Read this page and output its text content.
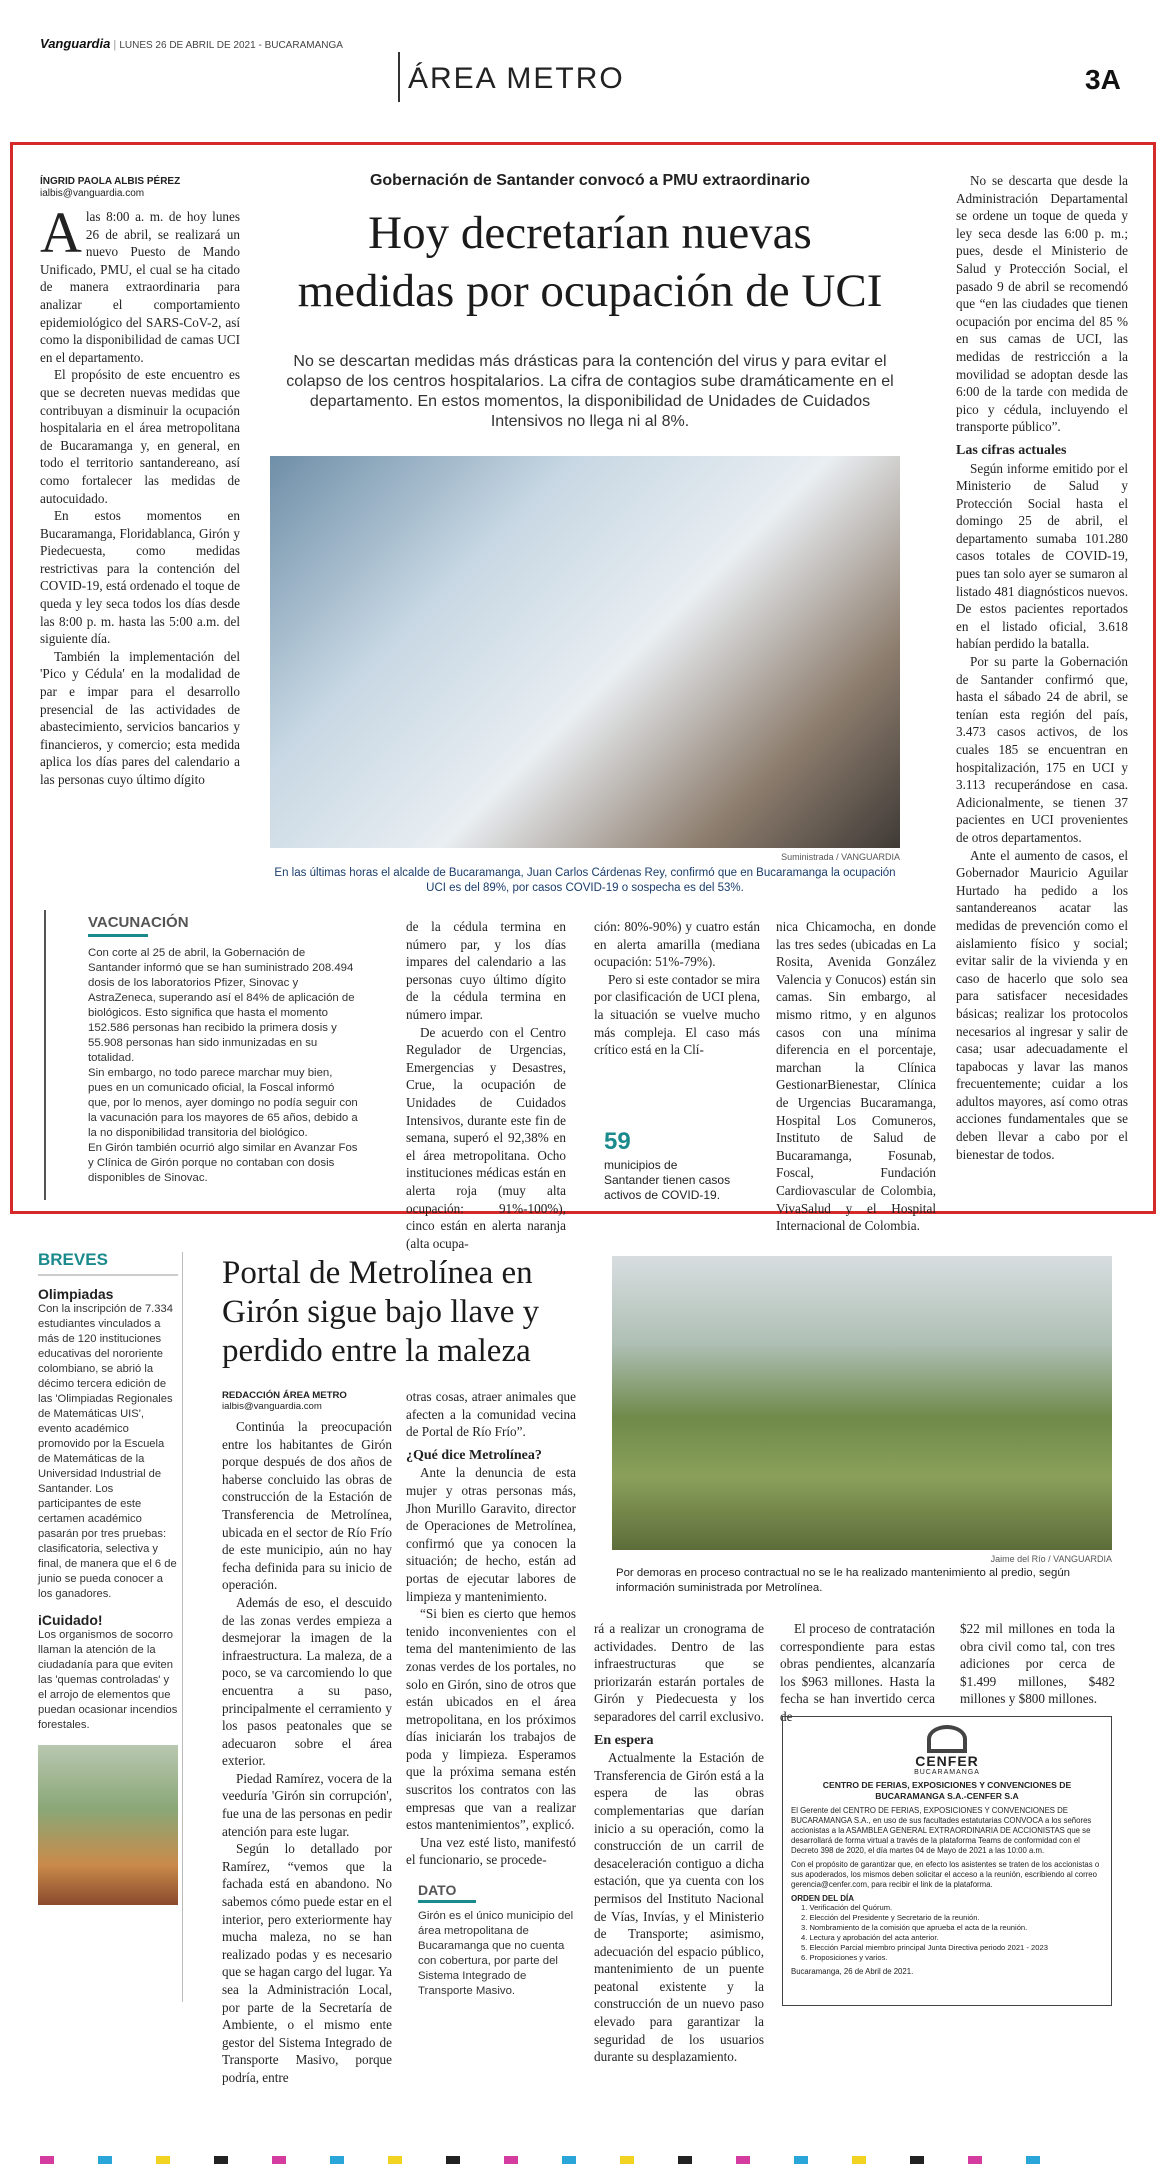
Vanguardia | LUNES 26 DE ABRIL DE 2021 - BUCARAMANGA
ÁREA METRO	3A
ÍNGRID PAOLA ALBIS PÉREZ
ialbis@vanguardia.com

A las 8:00 a. m. de hoy lunes 26 de abril, se realizará un nuevo Puesto de Mando Unificado, PMU, el cual se ha citado de manera extraordinaria para analizar el comportamiento epidemiológico del SARS-CoV-2, así como la disponibilidad de camas UCI en el departamento.

El propósito de este encuentro es que se decreten nuevas medidas que contribuyan a disminuir la ocupación hospitalaria en el área metropolitana de Bucaramanga y, en general, en todo el territorio santandereano, así como fortalecer las medidas de autocuidado.

En estos momentos en Bucaramanga, Floridablanca, Girón y Piedecuesta, como medidas restrictivas para la contención del COVID-19, está ordenado el toque de queda y ley seca todos los días desde las 8:00 p. m. hasta las 5:00 a.m. del siguiente día.

También la implementación del 'Pico y Cédula' en la modalidad de par e impar para el desarrollo presencial de las actividades de abastecimiento, servicios bancarios y financieros, y comercio; esta medida aplica los días pares del calendario a las personas cuyo último dígito

Gobernación de Santander convocó a PMU extraordinario
Hoy decretarían nuevas
medidas por ocupación de UCI
No se descartan medidas más drásticas para la contención del virus y para evitar el colapso de los centros hospitalarios. La cifra de contagios sube dramáticamente en el departamento. En estos momentos, la disponibilidad de Unidades de Cuidados Intensivos no llega ni al 8%.
Suministrada / VANGUARDIA
En las últimas horas el alcalde de Bucaramanga, Juan Carlos Cárdenas Rey, confirmó que en Bucaramanga la ocupación UCI es del 89%, por casos COVID-19 o sospecha es del 53%.
VACUNACIÓN
Con corte al 25 de abril, la Gobernación de Santander informó que se han suministrado 208.494 dosis de los laboratorios Pfizer, Sinovac y AstraZeneca, superando así el 84% de aplicación de biológicos. Esto significa que hasta el momento 152.586 personas han recibido la primera dosis y 55.908 personas han sido inmunizadas en su totalidad.
Sin embargo, no todo parece marchar muy bien, pues en un comunicado oficial, la Foscal informó que, por lo menos, ayer domingo no podía seguir con la vacunación para los mayores de 65 años, debido a la no disponibilidad transitoria del biológico.
En Girón también ocurrió algo similar en Avanzar Fos y Clínica de Girón porque no contaban con dosis disponibles de Sinovac.

de la cédula termina en número par, y los días impares del calendario a las personas cuyo último dígito de la cédula termina en número impar.

De acuerdo con el Centro Regulador de Urgencias, Emergencias y Desastres, Crue, la ocupación de Unidades de Cuidados Intensivos, durante este fin de semana, superó el 92,38% en el área metropolitana. Ocho instituciones médicas están en alerta roja (muy alta ocupación: 91%-100%), cinco están en alerta naranja (alta ocupa-

ción: 80%-90%) y cuatro están en alerta amarilla (mediana ocupación: 51%-79%).

Pero si este contador se mira por clasificación de UCI plena, la situación se vuelve mucho más compleja. El caso más crítico está en la Clí-

59
municipios de Santander tienen casos activos de COVID-19.

nica Chicamocha, en donde las tres sedes (ubicadas en La Rosita, Avenida González Valencia y Conucos) están sin camas. Sin embargo, al mismo ritmo, y en algunos casos con una mínima diferencia en el porcentaje, marchan la Clínica GestionarBienestar, Clínica de Urgencias Bucaramanga, Hospital Los Comuneros, Instituto de Salud de Bucaramanga, Fosunab, Foscal, Fundación Cardiovascular de Colombia, VivaSalud y el Hospital Internacional de Colombia.

No se descarta que desde la Administración Departamental se ordene un toque de queda y ley seca desde las 6:00 p. m.; pues, desde el Ministerio de Salud y Protección Social, el pasado 9 de abril se recomendó que “en las ciudades que tienen ocupación por encima del 85 % en sus camas de UCI, las medidas de restricción a la movilidad se adoptan desde las 6:00 de la tarde con medida de pico y cédula, incluyendo el transporte público”.

Las cifras actuales

Según informe emitido por el Ministerio de Salud y Protección Social hasta el domingo 25 de abril, el departamento sumaba 101.280 casos totales de COVID-19, pues tan solo ayer se sumaron al listado 481 diagnósticos nuevos. De estos pacientes reportados en el listado oficial, 3.618 habían perdido la batalla.

Por su parte la Gobernación de Santander confirmó que, hasta el sábado 24 de abril, se tenían esta región del país, 3.473 casos activos, de los cuales 185 se encuentran en hospitalización, 175 en UCI y 3.113 recuperándose en casa. Adicionalmente, se tienen 37 pacientes en UCI provenientes de otros departamentos.

Ante el aumento de casos, el Gobernador Mauricio Aguilar Hurtado ha pedido a los santandereanos acatar las medidas de prevención como el aislamiento físico y social; evitar salir de la vivienda y en caso de hacerlo que solo sea para satisfacer necesidades básicas; realizar los protocolos necesarios al ingresar y salir de casa; usar adecuadamente el tapabocas y lavar las manos frecuentemente; cuidar a los adultos mayores, así como otras acciones fundamentales que se deben llevar a cabo por el bienestar de todos.

BREVES
Olimpiadas
Con la inscripción de 7.334 estudiantes vinculados a más de 120 instituciones educativas del nororiente colombiano, se abrió la décimo tercera edición de las 'Olimpiadas Regionales de Matemáticas UIS', evento académico promovido por la Escuela de Matemáticas de la Universidad Industrial de Santander. Los participantes de este certamen académico pasarán por tres pruebas: clasificatoria, selectiva y final, de manera que el 6 de junio se pueda conocer a los ganadores.
iCuidado!
Los organismos de socorro llaman la atención de la ciudadanía para que eviten las 'quemas controladas' y el arrojo de elementos que puedan ocasionar incendios forestales.
Portal de Metrolínea en Girón sigue bajo llave y perdido entre la maleza
REDACCIÓN ÁREA METRO
ialbis@vanguardia.com

Continúa la preocupación entre los habitantes de Girón porque después de dos años de haberse concluido las obras de construcción de la Estación de Transferencia de Metrolínea, ubicada en el sector de Río Frío de este municipio, aún no hay fecha definida para su inicio de operación.

Además de eso, el descuido de las zonas verdes empieza a desmejorar la imagen de la infraestructura. La maleza, de a poco, se va carcomiendo lo que encuentra a su paso, principalmente el cerramiento y los pasos peatonales que se adecuaron sobre el área exterior.

Piedad Ramírez, vocera de la veeduría 'Girón sin corrupción', fue una de las personas en pedir atención para este lugar.

Según lo detallado por Ramírez, “vemos que la fachada está en abandono. No sabemos cómo puede estar en el interior, pero exteriormente hay mucha maleza, no se han realizado podas y es necesario que se hagan cargo del lugar. Ya sea la Administración Local, por parte de la Secretaría de Ambiente, o el mismo ente gestor del Sistema Integrado de Transporte Masivo, porque podría, entre

otras cosas, atraer animales que afecten a la comunidad vecina de Portal de Río Frío”.

¿Qué dice Metrolínea?

Ante la denuncia de esta mujer y otras personas más, Jhon Murillo Garavito, director de Operaciones de Metrolínea, confirmó que ya conocen la situación; de hecho, están ad portas de ejecutar labores de limpieza y mantenimiento.

“Si bien es cierto que hemos tenido inconvenientes con el tema del mantenimiento de las zonas verdes de los portales, no solo en Girón, sino de otros que están ubicados en el área metropolitana, en los próximos días iniciarán los trabajos de poda y limpieza. Esperamos que la próxima semana estén suscritos los contratos con las empresas que van a realizar estos mantenimientos”, explicó.

Una vez esté listo, manifestó el funcionario, se procede-

Jaime del Río / VANGUARDIA
Por demoras en proceso contractual no se le ha realizado mantenimiento al predio, según información suministrada por Metrolínea.

rá a realizar un cronograma de actividades. Dentro de las infraestructuras que se priorizarán estarán portales de Girón y Piedecuesta y los separadores del carril exclusivo.

En espera

Actualmente la Estación de Transferencia de Girón está a la espera de las obras complementarias que darían inicio a su operación, como la construcción de un carril de desaceleración contiguo a dicha estación, que ya cuenta con los permisos del Instituto Nacional de Vías, Invías, y el Ministerio de Transporte; asimismo, adecuación del espacio público, mantenimiento de un puente peatonal existente y la construcción de un nuevo paso elevado para garantizar la seguridad de los usuarios durante su desplazamiento.

El proceso de contratación correspondiente para estas obras pendientes, alcanzaría los $963 millones. Hasta la fecha se han invertido cerca de

$22 mil millones en toda la obra civil como tal, con tres adiciones por cerca de $1.499 millones, $482 millones y $800 millones.

DATO
Girón es el único municipio del área metropolitana de Bucaramanga que no cuenta con cobertura, por parte del Sistema Integrado de Transporte Masivo.
CENFER
BUCARAMANGA
CENTRO DE FERIAS, EXPOSICIONES Y CONVENCIONES DE BUCARAMANGA S.A.-CENFER S.A
El Gerente del CENTRO DE FERIAS, EXPOSICIONES Y CONVENCIONES DE BUCARAMANGA S.A., en uso de sus facultades estatutarias CONVOCA a los señores accionistas a la ASAMBLEA GENERAL EXTRAORDINARIA DE ACCIONISTAS que se desarrollará de forma virtual a través de la plataforma Teams de conformidad con el Decreto 398 de 2020, el día martes 04 de Mayo de 2021 a las 10:00 a.m.
Con el propósito de garantizar que, en efecto los asistentes se traten de los accionistas o sus apoderados, los mismos deben solicitar el acceso a la reunión, escribiendo al correo gerencia@cenfer.com, para recibir el link de la plataforma.
ORDEN DEL DÍA
1. Verificación del Quórum.
2. Elección del Presidente y Secretario de la reunión.
3. Nombramiento de la comisión que aprueba el acta de la reunión.
4. Lectura y aprobación del acta anterior.
5. Elección Parcial miembro principal Junta Directiva periodo 2021 - 2023
6. Proposiciones y varios.
Bucaramanga, 26 de Abril de 2021.
